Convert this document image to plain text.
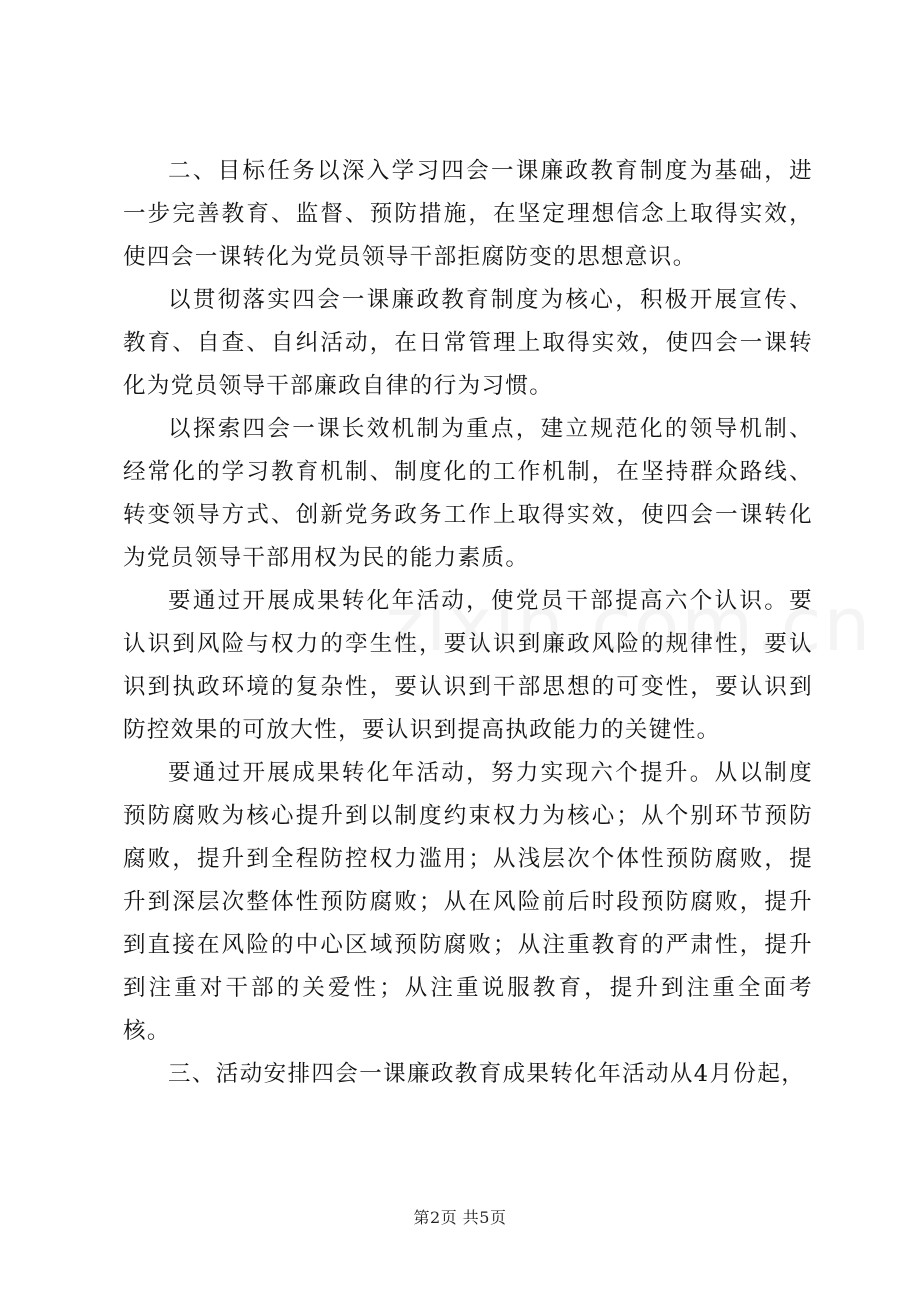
二、目标任务以深入学习四会一课廉政教育制度为基础，进一步完善教育、监督、预防措施，在坚定理想信念上取得实效，使四会一课转化为党员领导干部拒腐防变的思想意识。

以贯彻落实四会一课廉政教育制度为核心，积极开展宣传、教育、自查、自纠活动，在日常管理上取得实效，使四会一课转化为党员领导干部廉政自律的行为习惯。

以探索四会一课长效机制为重点，建立规范化的领导机制、经常化的学习教育机制、制度化的工作机制，在坚持群众路线、转变领导方式、创新党务政务工作上取得实效，使四会一课转化为党员领导干部用权为民的能力素质。

要通过开展成果转化年活动，使党员干部提高六个认识。要认识到风险与权力的孪生性，要认识到廉政风险的规律性，要认识到执政环境的复杂性，要认识到干部思想的可变性，要认识到防控效果的可放大性，要认识到提高执政能力的关键性。

要通过开展成果转化年活动，努力实现六个提升。从以制度预防腐败为核心提升到以制度约束权力为核心；从个别环节预防腐败，提升到全程防控权力滥用；从浅层次个体性预防腐败，提升到深层次整体性预防腐败；从在风险前后时段预防腐败，提升到直接在风险的中心区域预防腐败；从注重教育的严肃性，提升到注重对干部的关爱性；从注重说服教育，提升到注重全面考核。

三、活动安排四会一课廉政教育成果转化年活动从4月份起，

第2页 共5页
